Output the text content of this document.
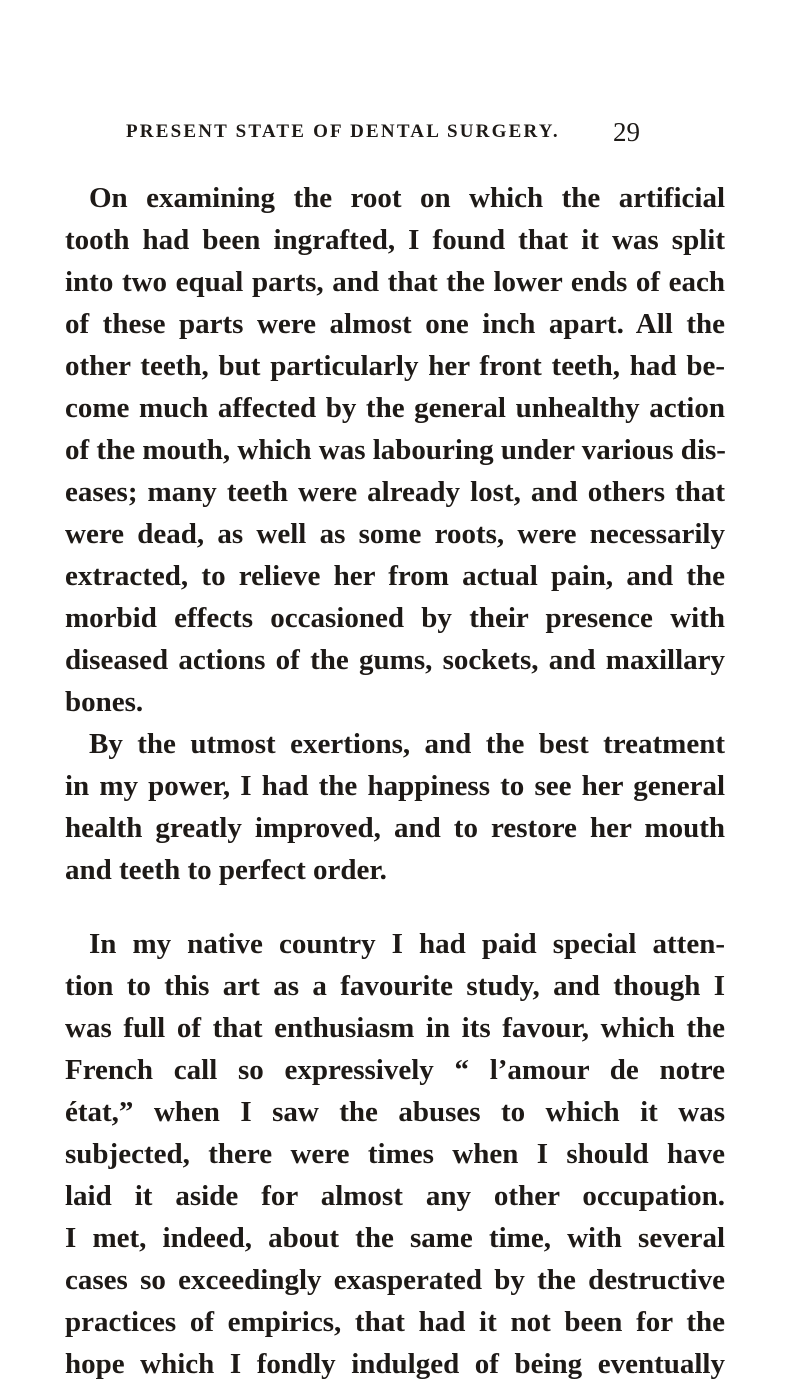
PRESENT STATE OF DENTAL SURGERY. 29
On examining the root on which the artificial
tooth had been ingrafted, I found that it was split
into two equal parts, and that the lower ends of each
of these parts were almost one inch apart. All the
other teeth, but particularly her front teeth, had be-
come much affected by the general unhealthy action
of the mouth, which was labouring under various dis-
eases; many teeth were already lost, and others that
were dead, as well as some roots, were necessarily
extracted, to relieve her from actual pain, and the
morbid effects occasioned by their presence with
diseased actions of the gums, sockets, and maxillary
bones.
By the utmost exertions, and the best treatment
in my power, I had the happiness to see her general
health greatly improved, and to restore her mouth
and teeth to perfect order.
In my native country I had paid special atten-
tion to this art as a favourite study, and though I
was full of that enthusiasm in its favour, which the
French call so expressively “ l’amour de notre
état,” when I saw the abuses to which it was
subjected, there were times when I should have
laid it aside for almost any other occupation.
I met, indeed, about the same time, with several
cases so exceedingly exasperated by the destructive
practices of empirics, that had it not been for the
hope which I fondly indulged of being eventually
